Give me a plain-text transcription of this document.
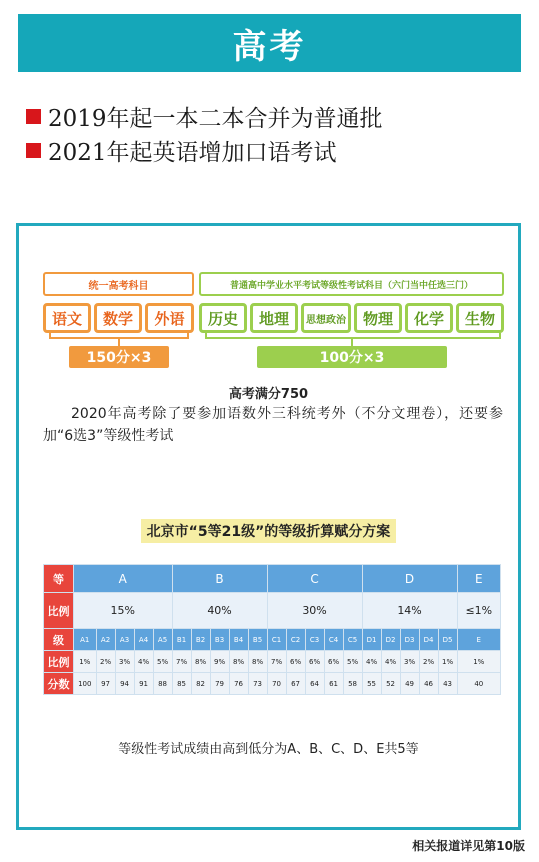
高考
2019年起一本二本合并为普通批
2021年起英语增加口语考试
统一高考科目	普通高中学业水平考试等级性考试科目（六门当中任选三门）
语文	数学	外语	历史	地理	思想政治	物理	化学	生物
150分×3	100分×3
高考满分750
2020年高考除了要参加语数外三科统考外（不分文理卷），还要参加“6选3”等级性考试
北京市“5等21级”的等级折算赋分方案
等	A					B					C					D					E
比例	15%					40%					30%					14%					≤1%
级	A1	A2	A3	A4	A5	B1	B2	B3	B4	B5	C1	C2	C3	C4	C5	D1	D2	D3	D4	D5	E
比例	1%	2%	3%	4%	5%	7%	8%	9%	8%	8%	7%	6%	6%	6%	5%	4%	4%	3%	2%	1%	1%
分数	100	97	94	91	88	85	82	79	76	73	70	67	64	61	58	55	52	49	46	43	40
等级性考试成绩由高到低分为A、B、C、D、E共5等
相关报道详见第10版
